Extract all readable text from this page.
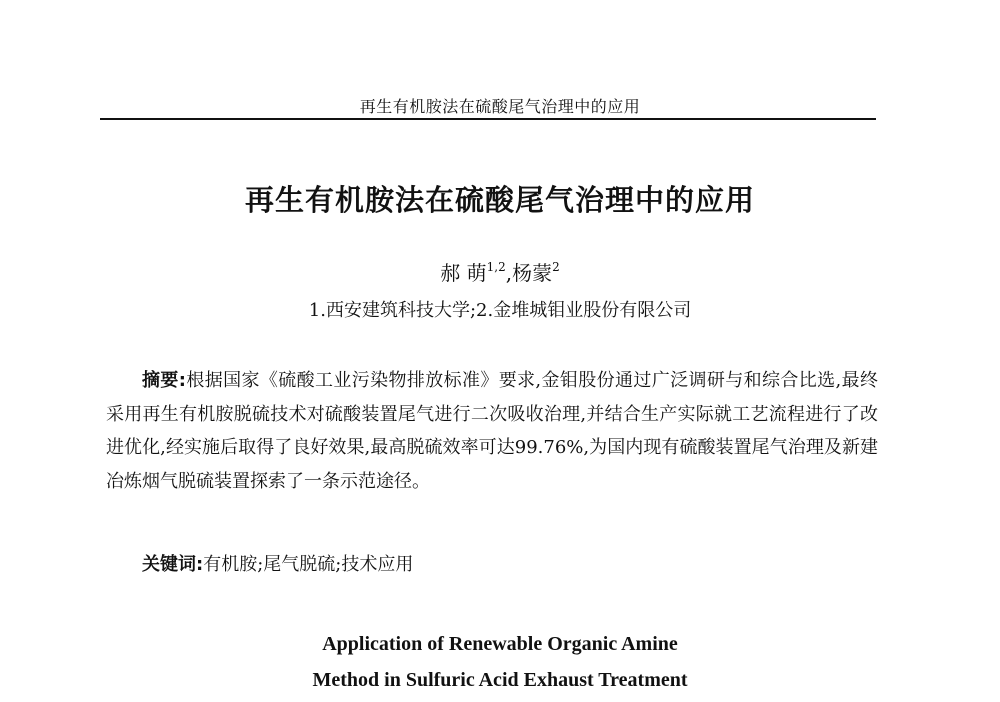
再生有机胺法在硫酸尾气治理中的应用
再生有机胺法在硫酸尾气治理中的应用
郝 萌$^{1,2}$,杨蒙$^2$
1.西安建筑科技大学;2.金堆城钼业股份有限公司

摘要:根据国家《硫酸工业污染物排放标准》要求,金钼股份通过广泛调研与和综合比选,最终采用再生有机胺脱硫技术对硫酸装置尾气进行二次吸收治理,并结合生产实际就工艺流程进行了改进优化,经实施后取得了良好效果,最高脱硫效率可达99.76%,为国内现有硫酸装置尾气治理及新建冶炼烟气脱硫装置探索了一条示范途径。

关键词:有机胺;尾气脱硫;技术应用
Application of Renewable Organic Amine
Method in Sulfuric Acid Exhaust Treatment
